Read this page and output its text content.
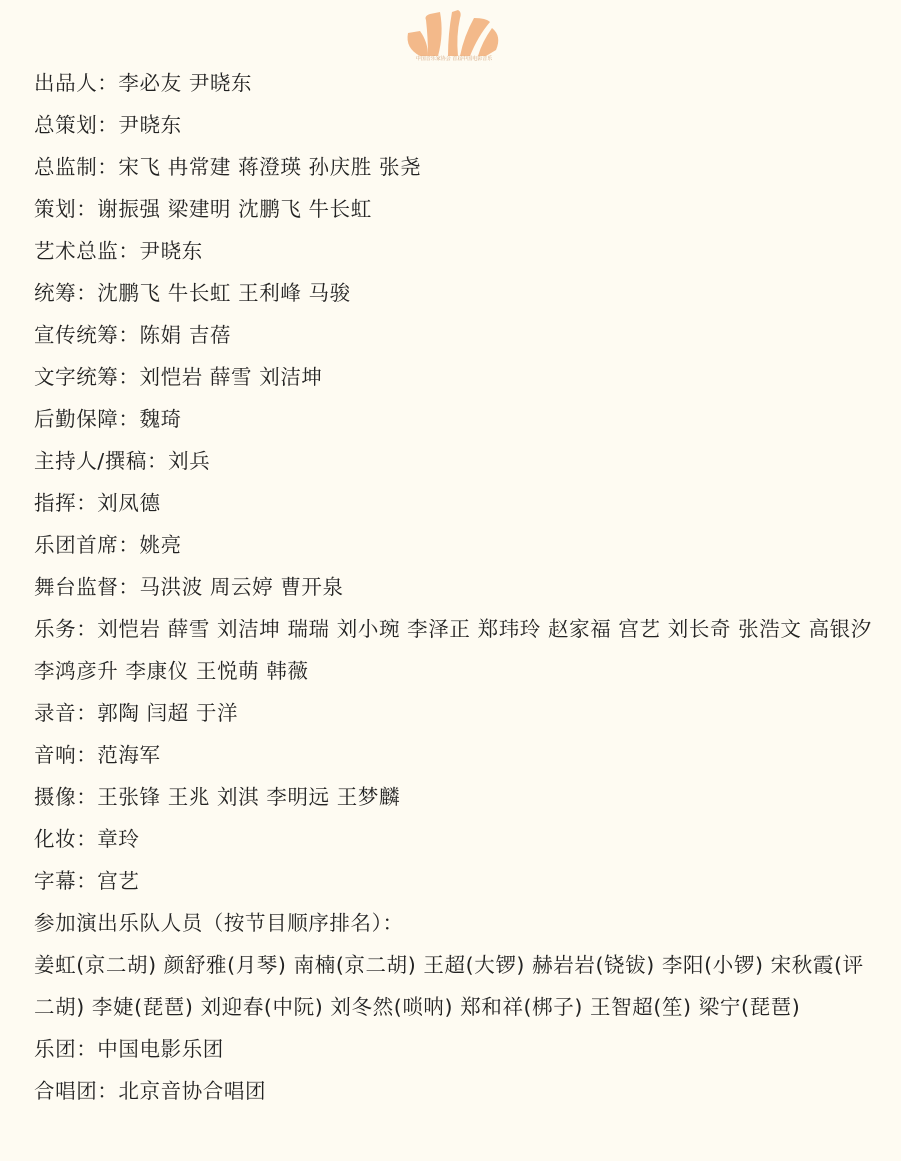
中国音乐家协会 首届中国电影音乐
出品人：李必友 尹晓东
总策划：尹晓东
总监制：宋飞 冉常建 蒋澄瑛 孙庆胜 张尧
策划：谢振强 梁建明 沈鹏飞 牛长虹
艺术总监：尹晓东
统筹：沈鹏飞 牛长虹 王利峰 马骏
宣传统筹：陈娟 吉蓓
文字统筹：刘恺岩 薛雪 刘洁坤
后勤保障：魏琦
主持人/撰稿：刘兵
指挥：刘凤德
乐团首席：姚亮
舞台监督：马洪波 周云婷 曹开泉
乐务：刘恺岩 薛雪 刘洁坤 瑞瑞 刘小琬 李泽正 郑玮玲 赵家福 宫艺 刘长奇 张浩文 高银汐 李鸿彦升 李康仪 王悦萌 韩薇
录音：郭陶 闫超 于洋
音响：范海军
摄像：王张锋 王兆 刘淇 李明远 王梦麟
化妆：章玲
字幕：宫艺
参加演出乐队人员（按节目顺序排名）：
姜虹(京二胡) 颜舒雅(月琴) 南楠(京二胡) 王超(大锣) 赫岩岩(铙钹) 李阳(小锣) 宋秋霞(评二胡) 李婕(琵琶) 刘迎春(中阮) 刘冬然(唢呐) 郑和祥(梆子) 王智超(笙) 梁宁(琵琶)
乐团：中国电影乐团
合唱团：北京音协合唱团
